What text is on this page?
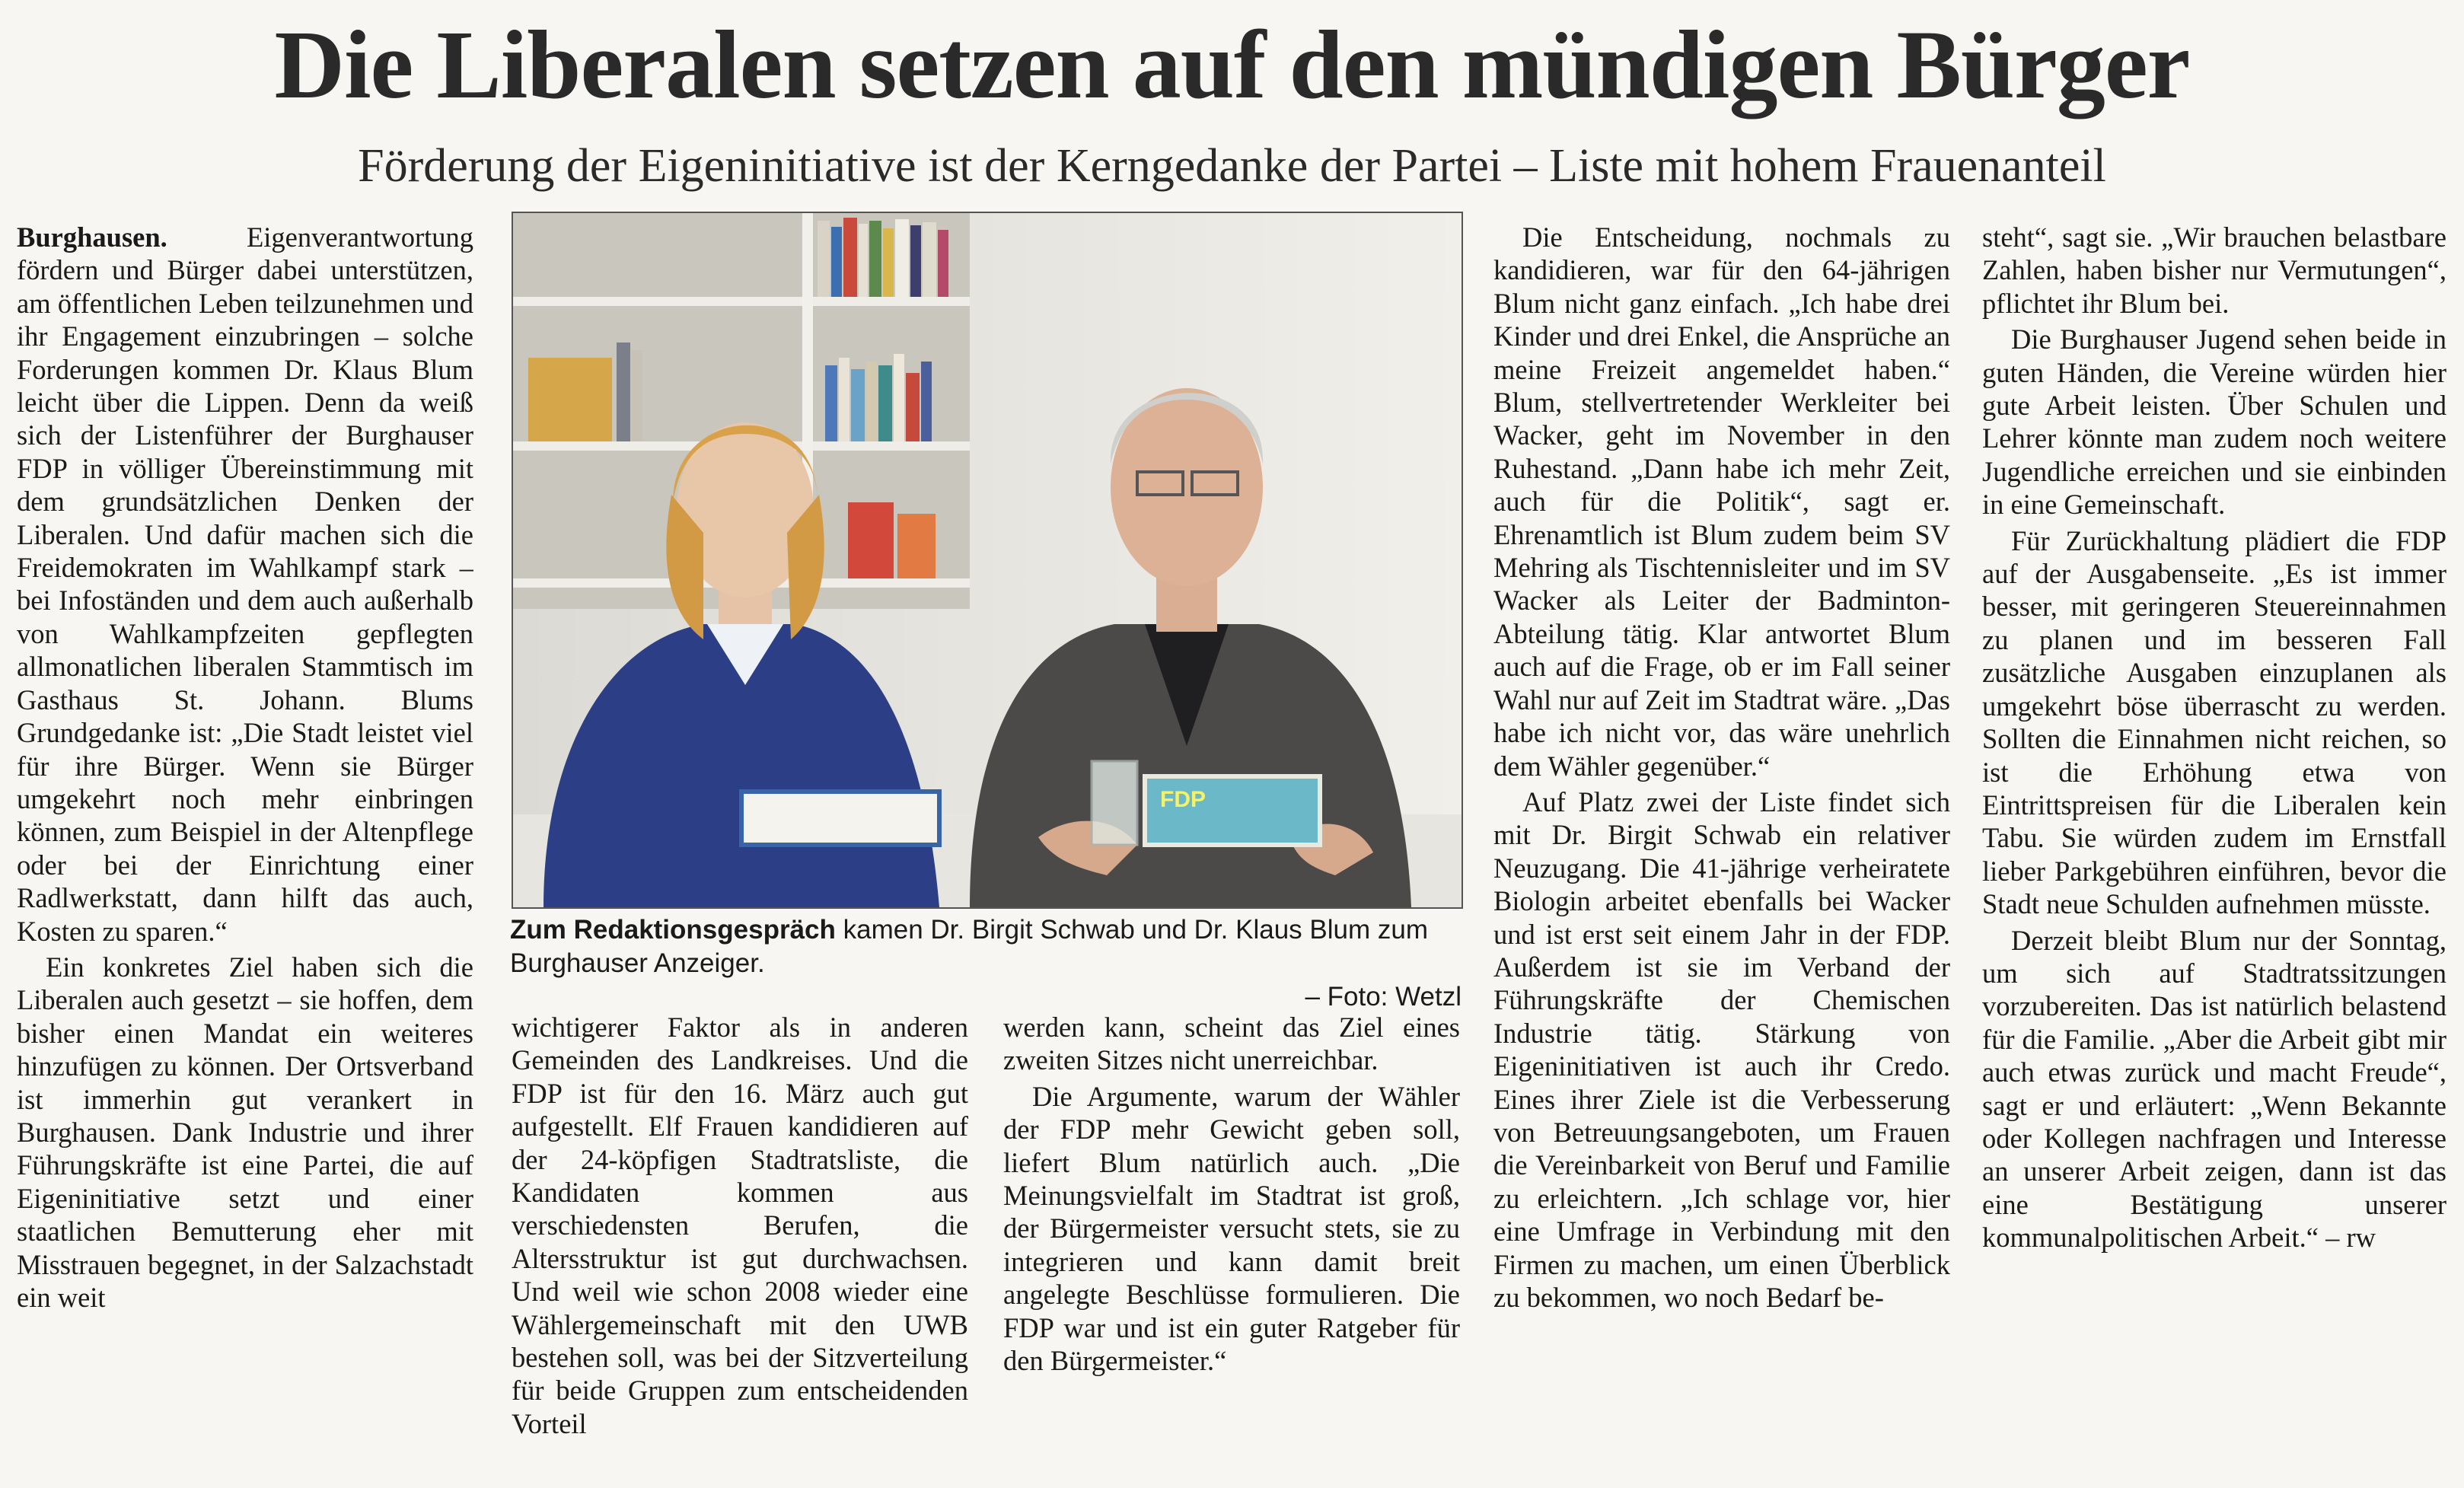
Die Liberalen setzen auf den mündigen Bürger
Förderung der Eigeninitiative ist der Kerngedanke der Partei – Liste mit hohem Frauenanteil

Burghausen.	Eigenverantwortung fördern und Bürger dabei unterstützen, am öffentlichen Leben teilzunehmen und ihr Engagement einzubringen – solche Forderungen kommen Dr. Klaus Blum leicht über die Lippen. Denn da weiß sich der Listenführer der Burghauser FDP in völliger Übereinstimmung mit dem grundsätzlichen Denken der Liberalen. Und dafür machen sich die Freidemokraten im Wahlkampf stark – bei Infoständen und dem auch außerhalb von Wahlkampfzeiten gepflegten allmonatlichen liberalen Stammtisch im Gasthaus St. Johann. Blums Grundgedanke ist: „Die Stadt leistet viel für ihre Bürger. Wenn sie Bürger umgekehrt noch mehr einbringen können, zum Beispiel in der Altenpflege oder bei der Einrichtung einer Radlwerkstatt, dann hilft das auch, Kosten zu sparen.“

Ein konkretes Ziel haben sich die Liberalen auch gesetzt – sie hoffen, dem bisher einen Mandat ein weiteres hinzufügen zu können. Der Ortsverband ist immerhin gut verankert in Burghausen. Dank Industrie und ihrer Führungskräfte ist eine Partei, die auf Eigeninitiative setzt und einer staatlichen Bemutterung eher mit Misstrauen begegnet, in der Salzachstadt ein weit

FDP
Zum Redaktionsgespräch kamen Dr. Birgit Schwab und Dr. Klaus Blum zum Burghauser Anzeiger.
– Foto: Wetzl

wichtigerer Faktor als in anderen Gemeinden des Landkreises. Und die FDP ist für den 16. März auch gut aufgestellt. Elf Frauen kandidieren auf der 24-köpfigen Stadtratsliste, die Kandidaten kommen aus verschiedensten Berufen, die Altersstruktur ist gut durchwachsen. Und weil wie schon 2008 wieder eine Wählergemeinschaft mit den UWB bestehen soll, was bei der Sitzverteilung für beide Gruppen zum entscheidenden Vorteil

werden kann, scheint das Ziel eines zweiten Sitzes nicht unerreichbar.

Die Argumente, warum der Wähler der FDP mehr Gewicht geben soll, liefert Blum natürlich auch. „Die Meinungsvielfalt im Stadtrat ist groß, der Bürgermeister versucht stets, sie zu integrieren und kann damit breit angelegte Beschlüsse formulieren. Die FDP war und ist ein guter Ratgeber für den Bürgermeister.“

Die Entscheidung, nochmals zu kandidieren, war für den 64-jährigen Blum nicht ganz einfach. „Ich habe drei Kinder und drei Enkel, die Ansprüche an meine Freizeit angemeldet haben.“ Blum, stellvertretender Werkleiter bei Wacker, geht im November in den Ruhestand. „Dann habe ich mehr Zeit, auch für die Politik“, sagt er. Ehrenamtlich ist Blum zudem beim SV Mehring als Tischtennisleiter und im SV Wacker als Leiter der Badminton-Abteilung tätig. Klar antwortet Blum auch auf die Frage, ob er im Fall seiner Wahl nur auf Zeit im Stadtrat wäre. „Das habe ich nicht vor, das wäre unehrlich dem Wähler gegenüber.“

Auf Platz zwei der Liste findet sich mit Dr. Birgit Schwab ein relativer Neuzugang. Die 41-jährige verheiratete Biologin arbeitet ebenfalls bei Wacker und ist erst seit einem Jahr in der FDP. Außerdem ist sie im Verband der Führungskräfte der Chemischen Industrie tätig. Stärkung von Eigeninitiativen ist auch ihr Credo. Eines ihrer Ziele ist die Verbesserung von Betreuungsangeboten, um Frauen die Vereinbarkeit von Beruf und Familie zu erleichtern. „Ich schlage vor, hier eine Umfrage in Verbindung mit den Firmen zu machen, um einen Überblick zu bekommen, wo noch Bedarf be-

steht“, sagt sie. „Wir brauchen belastbare Zahlen, haben bisher nur Vermutungen“, pflichtet ihr Blum bei.

Die Burghauser Jugend sehen beide in guten Händen, die Vereine würden hier gute Arbeit leisten. Über Schulen und Lehrer könnte man zudem noch weitere Jugendliche erreichen und sie einbinden in eine Gemeinschaft.

Für Zurückhaltung plädiert die FDP auf der Ausgabenseite. „Es ist immer besser, mit geringeren Steuereinnahmen zu planen und im besseren Fall zusätzliche Ausgaben einzuplanen als umgekehrt böse überrascht zu werden. Sollten die Einnahmen nicht reichen, so ist die Erhöhung etwa von Eintrittspreisen für die Liberalen kein Tabu. Sie würden zudem im Ernstfall lieber Parkgebühren einführen, bevor die Stadt neue Schulden aufnehmen müsste.

Derzeit bleibt Blum nur der Sonntag, um sich auf Stadtratssitzungen vorzubereiten. Das ist natürlich belastend für die Familie. „Aber die Arbeit gibt mir auch etwas zurück und macht Freude“, sagt er und erläutert: „Wenn Bekannte oder Kollegen nachfragen und Interesse an unserer Arbeit zeigen, dann ist das eine Bestätigung unserer kommunalpolitischen Arbeit.“ – rw
